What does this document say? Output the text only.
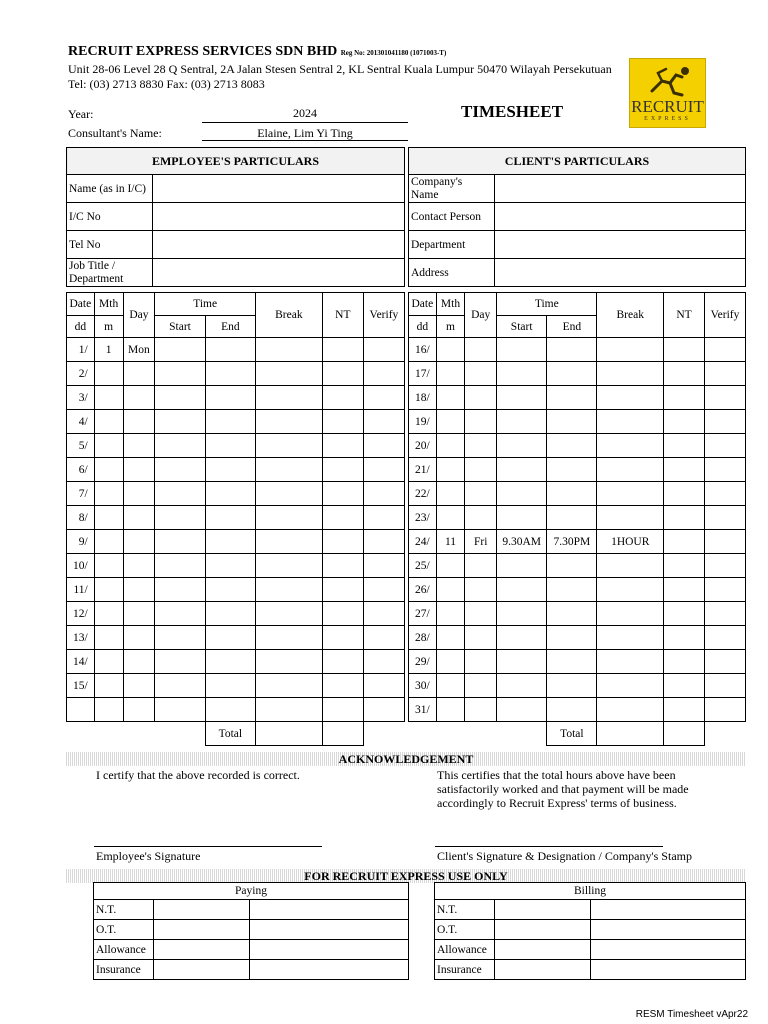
RECRUIT EXPRESS SERVICES SDN BHD Reg No: 201301041180 (1071003-T)
Unit 28-06 Level 28 Q Sentral, 2A Jalan Stesen Sentral 2, KL Sentral Kuala Lumpur 50470 Wilayah Persekutuan
Tel: (03) 2713 8830 Fax: (03) 2713 8083
RECRUIT
EXPRESS
Year:	2024
Consultant's Name:	Elaine, Lim Yi Ting
TIMESHEET
EMPLOYEE'S PARTICULARS	
Name (as in I/C)	
I/C No	
Tel No	
Job Title / Department	
CLIENT'S PARTICULARS	
Company's Name	
Contact Person	
Department	
Address	
Date	Mth	Day	Time		Break	NT	Verify
dd	m		Start	End			
1/	1	Mon					
2/							
3/							
4/							
5/							
6/							
7/							
8/							
9/							
10/							
11/							
12/							
13/							
14/							
15/							

				Total			
Date	Mth	Day	Time		Break	NT	Verify
dd	m		Start	End			
16/							
17/							
18/							
19/							
20/							
21/							
22/							
23/							
24/	11	Fri	9.30AM	7.30PM	1HOUR		
25/							
26/							
27/							
28/							
29/							
30/							
31/							
				Total			
ACKNOWLEDGEMENT
I certify that the above recorded is correct.	This certifies that the total hours above have been
satisfactorily worked and that payment will be made
accordingly to Recruit Express' terms of business.
Employee's Signature	Client's Signature & Designation / Company's Stamp
FOR RECRUIT EXPRESS USE ONLY
Paying		
N.T.		
O.T.		
Allowance		
Insurance		
Billing		
N.T.		
O.T.		
Allowance		
Insurance		
RESM Timesheet vApr22
